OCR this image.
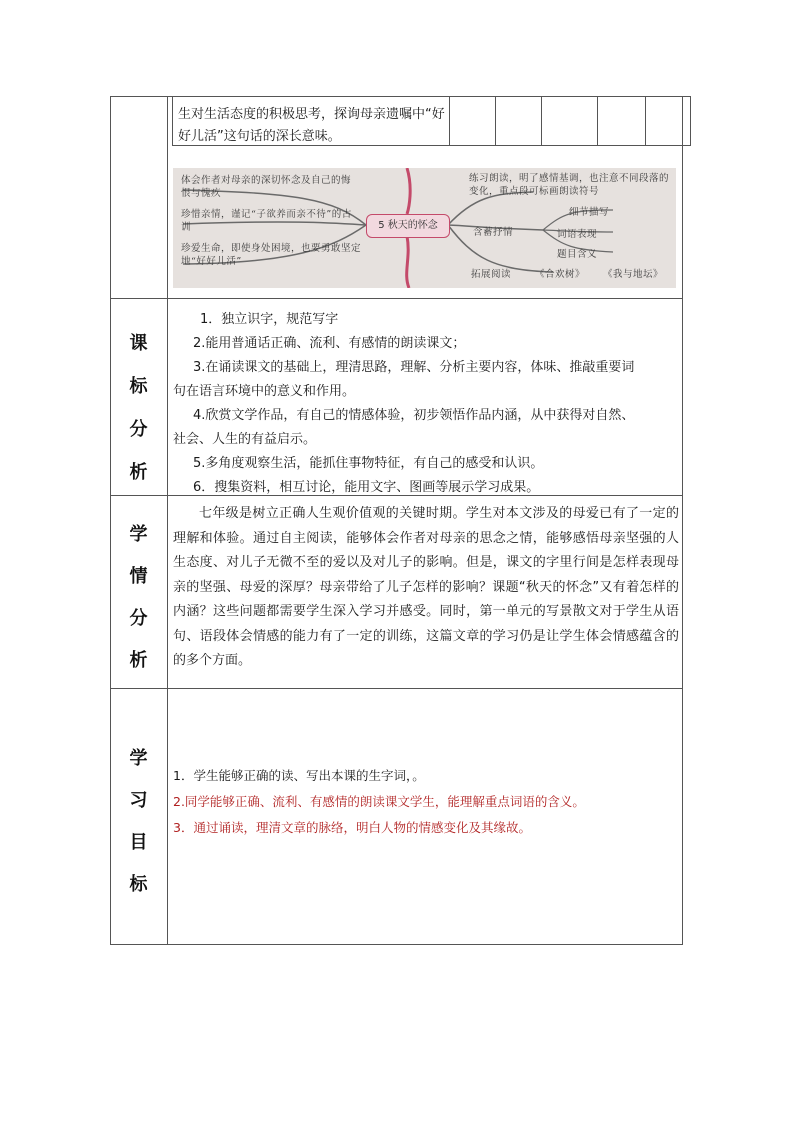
生对生活态度的积极思考，探询母亲遗嘱中“好好儿活”这句话的深长意味。
体会作者对母亲的深切怀念及自己的悔恨与愧疚
珍惜亲情，谨记“子欲养而亲不待”的古训
珍爱生命，即使身处困境，也要勇敢坚定地“好好儿活”
5 秋天的怀念
练习朗读，明了感情基调，也注意不同段落的变化，重点段可标画朗读符号
含蓄抒情
细节描写
词语表现
题目含义
拓展阅读	《合欢树》 《我与地坛》
课
标
分
析
1．独立识字，规范写字
2.能用普通话正确、流利、有感情的朗读课文；
3.在诵读课文的基础上，理清思路，理解、分析主要内容，体味、推敲重要词
句在语言环境中的意义和作用。
4.欣赏文学作品，有自己的情感体验，初步领悟作品内涵，从中获得对自然、
社会、人生的有益启示。
5.多角度观察生活，能抓住事物特征，有自己的感受和认识。
6．搜集资料，相互讨论，能用文字、图画等展示学习成果。
学
情
分
析
七年级是树立正确人生观价值观的关键时期。学生对本文涉及的母爱已有了一定的理解和体验。通过自主阅读，能够体会作者对母亲的思念之情，能够感悟母亲坚强的人生态度、对儿子无微不至的爱以及对儿子的影响。但是，课文的字里行间是怎样表现母亲的坚强、母爱的深厚？母亲带给了儿子怎样的影响？课题“秋天的怀念”又有着怎样的内涵？这些问题都需要学生深入学习并感受。同时，第一单元的写景散文对于学生从语句、语段体会情感的能力有了一定的训练，这篇文章的学习仍是让学生体会情感蕴含的的多个方面。
学
习
目
标
1．学生能够正确的读、写出本课的生字词，。
2.同学能够正确、流利、有感情的朗读课文学生，能理解重点词语的含义。
3．通过诵读，理清文章的脉络，明白人物的情感变化及其缘故。
